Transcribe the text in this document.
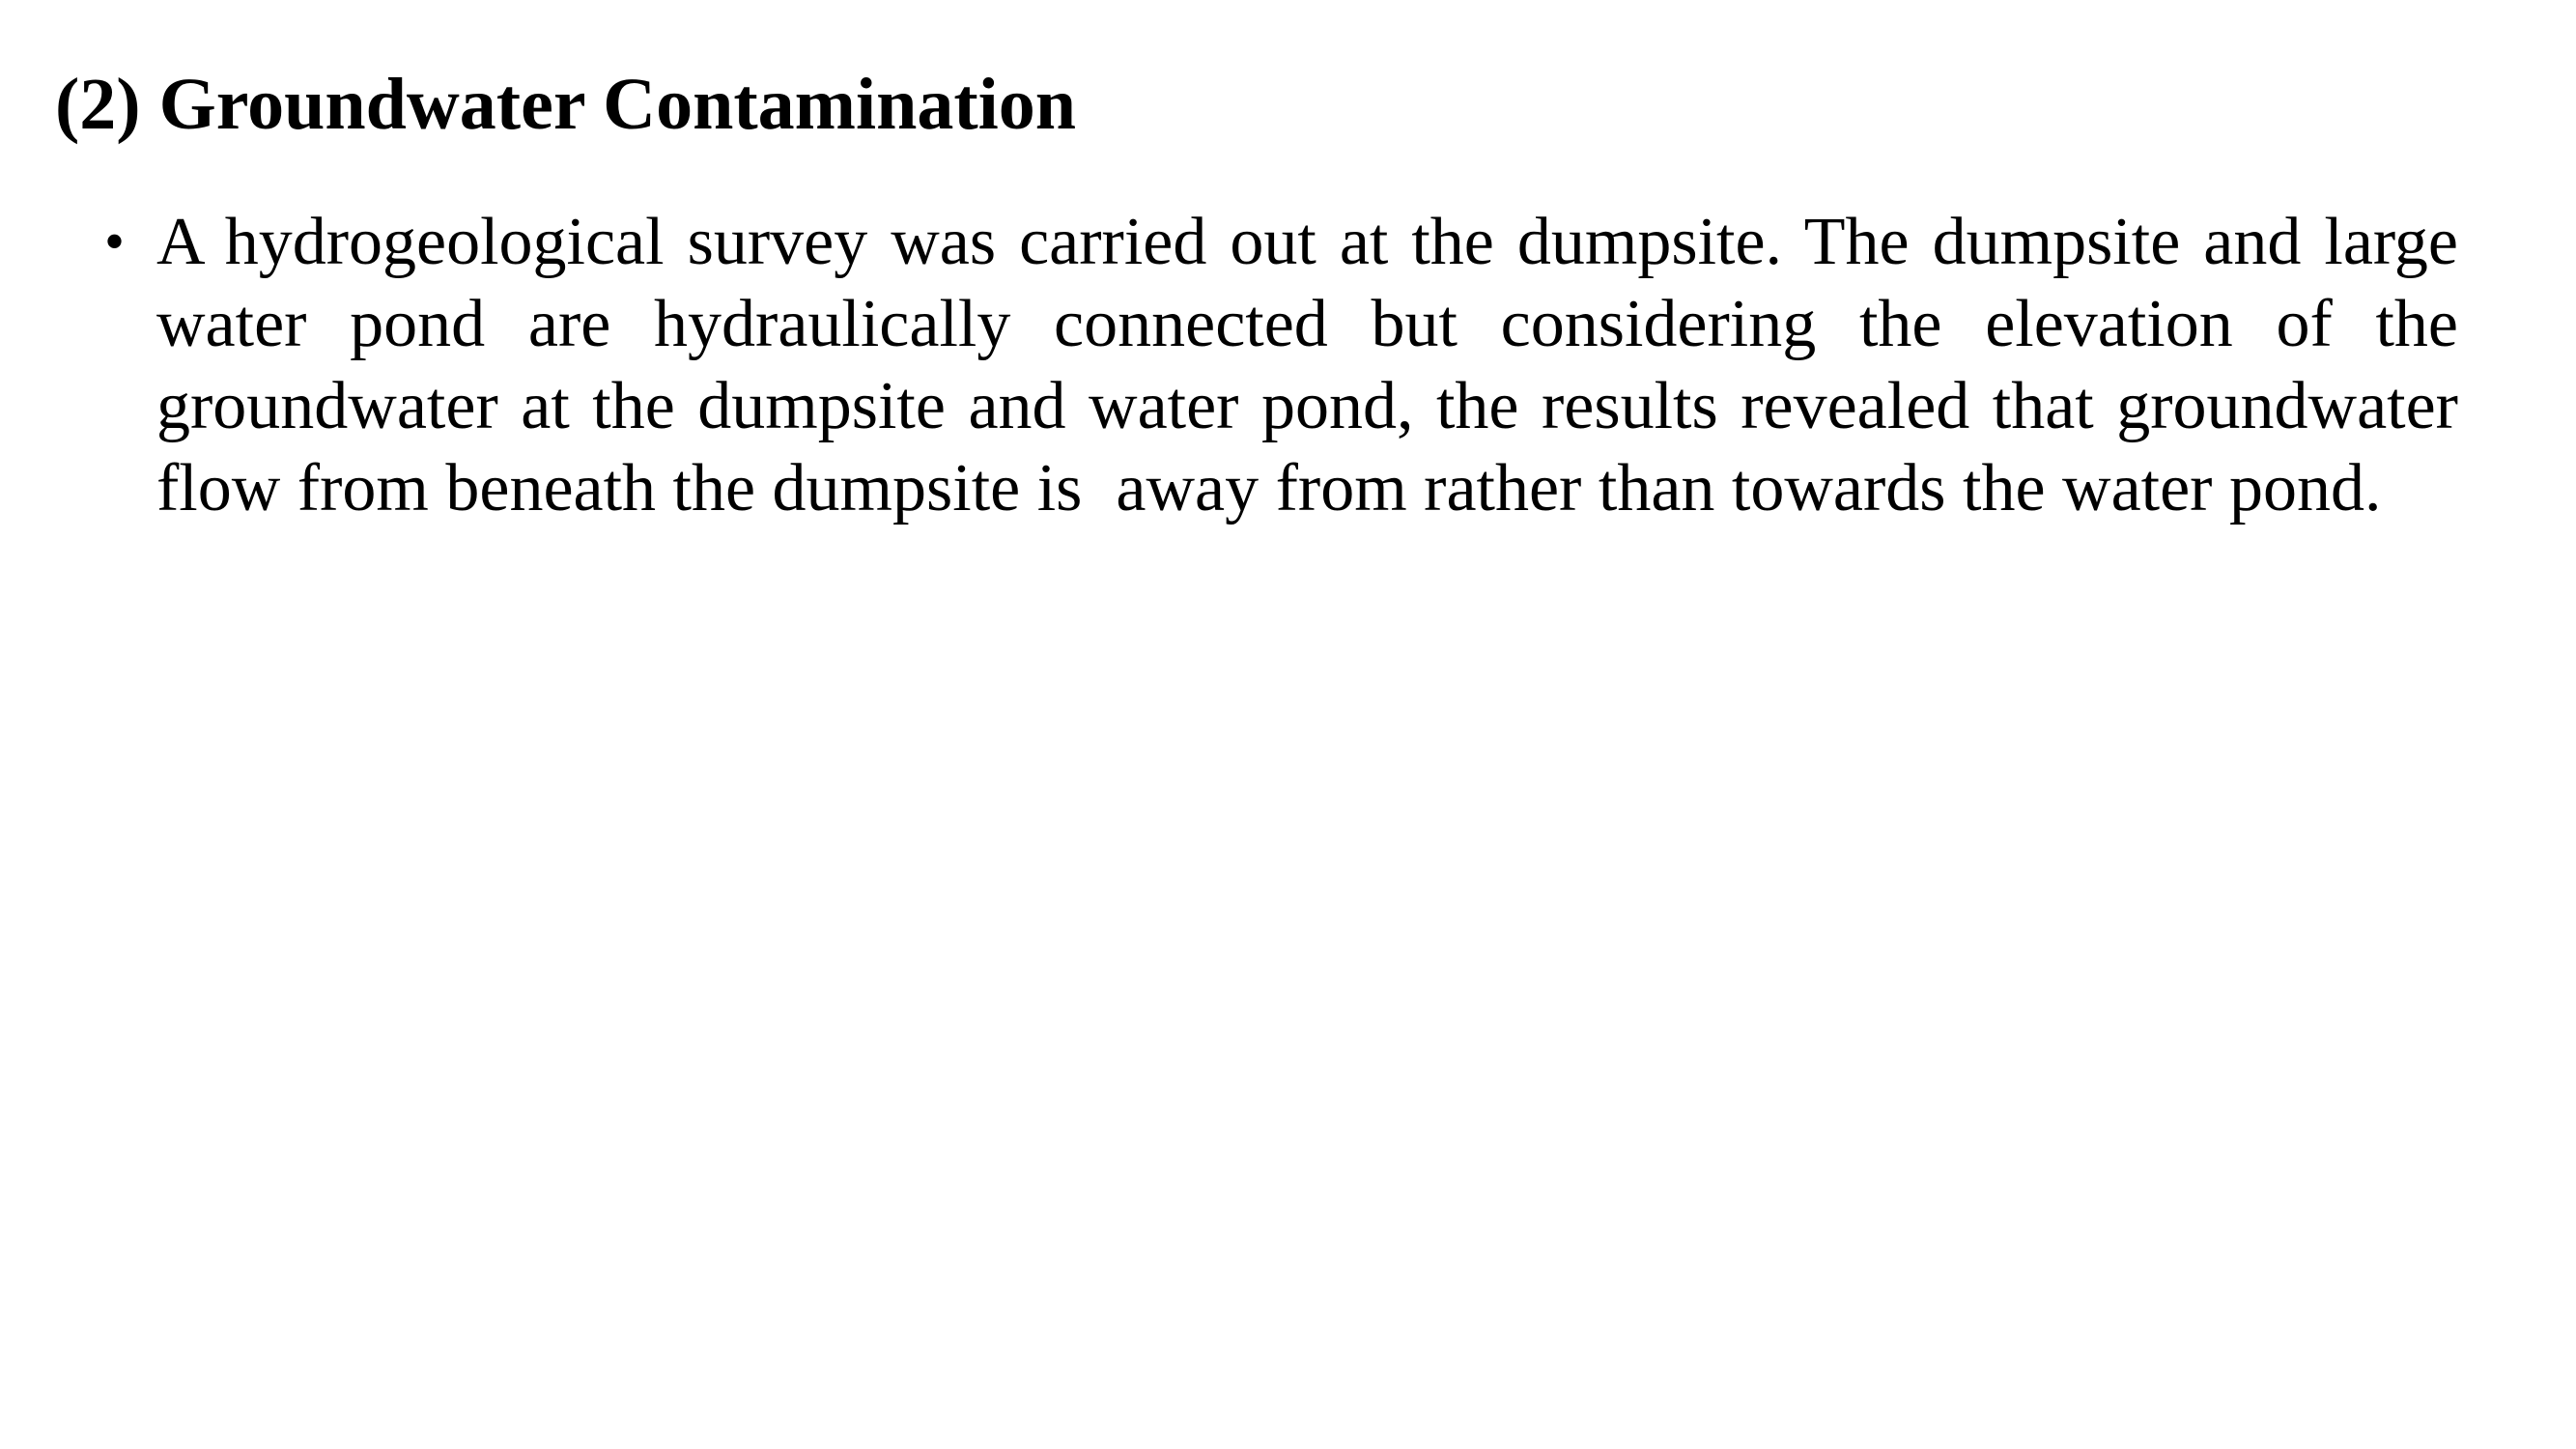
(2) Groundwater Contamination
• A hydrogeological survey was carried out at the dumpsite. The dumpsite and large water pond are hydraulically connected but considering the elevation of the groundwater at the dumpsite and water pond, the results revealed that groundwater flow from beneath the dumpsite is  away from rather than towards the water pond.
